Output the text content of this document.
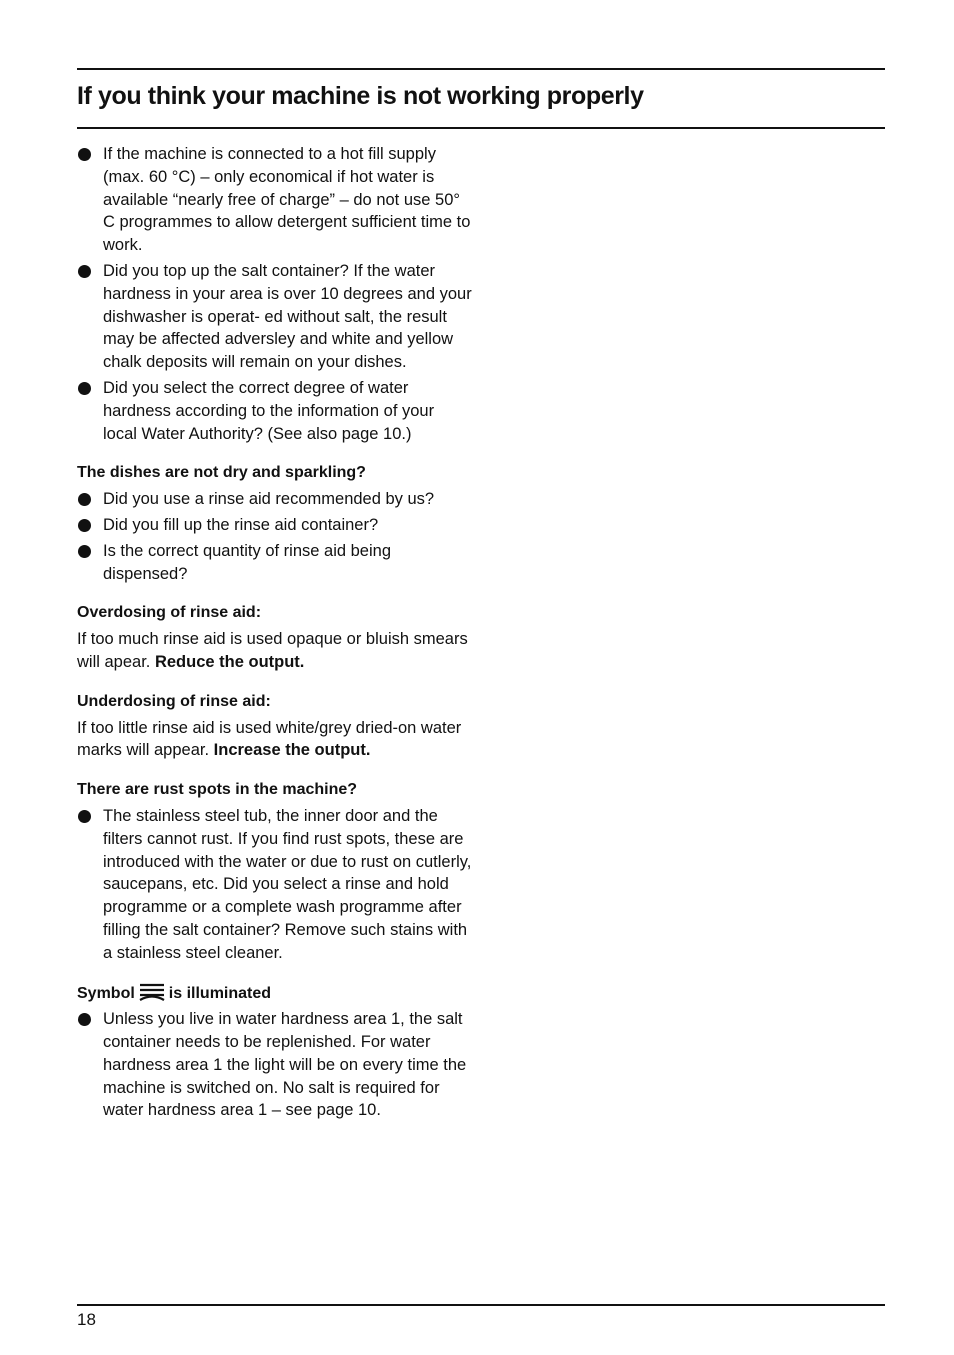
If you think your machine is not working properly
If the machine is connected to a hot fill supply (max. 60 °C) – only economical if hot water is available “nearly free of charge” – do not use 50° C programmes to allow detergent sufficient time to work.
Did you top up the salt container? If the water hardness in your area is over 10 degrees and your dishwasher is operat- ed without salt, the result may be affected adversley and white and yellow chalk deposits will remain on your dishes.
Did you select the correct degree of water hardness according to the information of your local Water Authority? (See also page 10.)
The dishes are not dry and sparkling?
Did you use a rinse aid recommended by us?
Did you fill up the rinse aid container?
Is the correct quantity of rinse aid being dispensed?
Overdosing of rinse aid:

If too much rinse aid is used opaque or bluish smears will apear. Reduce the output.

Underdosing of rinse aid:

If too little rinse aid is used white/grey dried-on water marks will appear. Increase the output.

There are rust spots in the machine?
The stainless steel tub, the inner door and the filters cannot rust. If you find rust spots, these are introduced with the water or due to rust on cutlerly, saucepans, etc. Did you select a rinse and hold programme or a complete wash programme after filling the salt container? Remove such stains with a stainless steel cleaner.
Symbol is illuminated
Unless you live in water hardness area 1, the salt container needs to be replenished. For water hardness area 1 the light will be on every time the machine is switched on. No salt is required for water hardness area 1 – see page 10.
18
